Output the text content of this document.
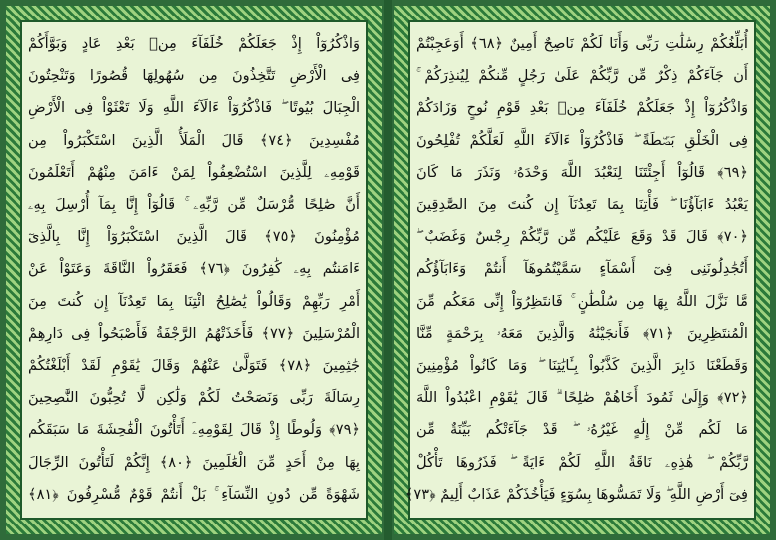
وَاذْكُرُوٓاْ إِذْ جَعَلَكُمْ خُلَفَآءَ مِنۢ بَعْدِ عَادٍ وَبَوَّأَكُمْ
فِى الْأَرْضِ تَتَّخِذُونَ مِن سُهُولِهَا قُصُورًا وَتَنْحِتُونَ
الْجِبَالَ بُيُوتًا ۖ فَاذْكُرُوٓاْ ءَالَآءَ اللَّهِ وَلَا تَعْثَوْاْ فِى الْأَرْضِ
مُفْسِدِينَ ﴿٧٤﴾ قَالَ الْمَلَأُ الَّذِينَ اسْتَكْبَرُواْ مِن
قَوْمِهِۦ لِلَّذِينَ اسْتُضْعِفُواْ لِمَنْ ءَامَنَ مِنْهُمْ أَتَعْلَمُونَ
أَنَّ صَٰلِحًا مُّرْسَلٌ مِّن رَّبِّهِۦ ۚ قَالُوٓاْ إِنَّا بِمَآ أُرْسِلَ بِهِۦ
مُؤْمِنُونَ ﴿٧٥﴾ قَالَ الَّذِينَ اسْتَكْبَرُوٓاْ إِنَّا بِالَّذِىٓ
ءَامَنتُم بِهِۦ كَٰفِرُونَ ﴿٧٦﴾ فَعَقَرُواْ النَّاقَةَ وَعَتَوْاْ عَنْ
أَمْرِ رَبِّهِمْ وَقَالُواْ يَٰصَٰلِحُ ائْتِنَا بِمَا تَعِدُنَآ إِن كُنتَ مِنَ
الْمُرْسَلِينَ ﴿٧٧﴾ فَأَخَذَتْهُمُ الرَّجْفَةُ فَأَصْبَحُواْ فِى دَارِهِمْ
جَٰثِمِينَ ﴿٧٨﴾ فَتَوَلَّىٰ عَنْهُمْ وَقَالَ يَٰقَوْمِ لَقَدْ أَبْلَغْتُكُمْ
رِسَالَةَ رَبِّى وَنَصَحْتُ لَكُمْ وَلَٰكِن لَّا تُحِبُّونَ النَّٰصِحِينَ
﴿٧٩﴾ وَلُوطًا إِذْ قَالَ لِقَوْمِهِۦٓ أَتَأْتُونَ الْفَٰحِشَةَ مَا سَبَقَكُم
بِهَا مِنْ أَحَدٍ مِّنَ الْعَٰلَمِينَ ﴿٨٠﴾ إِنَّكُمْ لَتَأْتُونَ الرِّجَالَ
شَهْوَةً مِّن دُونِ النِّسَآءِ ۚ بَلْ أَنتُمْ قَوْمٌ مُّسْرِفُونَ ﴿٨١﴾
أُبَلِّغُكُمْ رِسَٰلَٰتِ رَبِّى وَأَنَا لَكُمْ نَاصِحٌ أَمِينٌ ﴿٦٨﴾ أَوَعَجِبْتُمْ
أَن جَآءَكُمْ ذِكْرٌ مِّن رَّبِّكُمْ عَلَىٰ رَجُلٍ مِّنكُمْ لِيُنذِرَكُمْ ۚ
وَاذْكُرُوٓاْ إِذْ جَعَلَكُمْ خُلَفَآءَ مِنۢ بَعْدِ قَوْمِ نُوحٍ وَزَادَكُمْ
فِى الْخَلْقِ بَصْۜطَةً ۖ فَاذْكُرُوٓاْ ءَالَآءَ اللَّهِ لَعَلَّكُمْ تُفْلِحُونَ
﴿٦٩﴾ قَالُوٓاْ أَجِئْتَنَا لِنَعْبُدَ اللَّهَ وَحْدَهُۥ وَنَذَرَ مَا كَانَ
يَعْبُدُ ءَابَآؤُنَا ۖ فَأْتِنَا بِمَا تَعِدُنَآ إِن كُنتَ مِنَ الصَّٰدِقِينَ
﴿٧٠﴾ قَالَ قَدْ وَقَعَ عَلَيْكُم مِّن رَّبِّكُمْ رِجْسٌ وَغَضَبٌ ۖ
أَتُجَٰدِلُونَنِى فِىٓ أَسْمَآءٍ سَمَّيْتُمُوهَآ أَنتُمْ وَءَابَآؤُكُم
مَّا نَزَّلَ اللَّهُ بِهَا مِن سُلْطَٰنٍ ۚ فَانتَظِرُوٓاْ إِنِّى مَعَكُم مِّنَ
الْمُنتَظِرِينَ ﴿٧١﴾ فَأَنجَيْنَٰهُ وَالَّذِينَ مَعَهُۥ بِرَحْمَةٍ مِّنَّا
وَقَطَعْنَا دَابِرَ الَّذِينَ كَذَّبُواْ بِـَٔايَٰتِنَا ۖ وَمَا كَانُواْ مُؤْمِنِينَ
﴿٧٢﴾ وَإِلَىٰ ثَمُودَ أَخَاهُمْ صَٰلِحًا ۗ قَالَ يَٰقَوْمِ اعْبُدُواْ اللَّهَ
مَا لَكُم مِّنْ إِلَٰهٍ غَيْرُهُۥ ۖ قَدْ جَآءَتْكُم بَيِّنَةٌ مِّن
رَّبِّكُمْ ۖ هَٰذِهِۦ نَاقَةُ اللَّهِ لَكُمْ ءَايَةً ۖ فَذَرُوهَا تَأْكُلْ
فِىٓ أَرْضِ اللَّهِ ۖ وَلَا تَمَسُّوهَا بِسُوٓءٍ فَيَأْخُذَكُمْ عَذَابٌ أَلِيمٌ ﴿٧٣﴾
